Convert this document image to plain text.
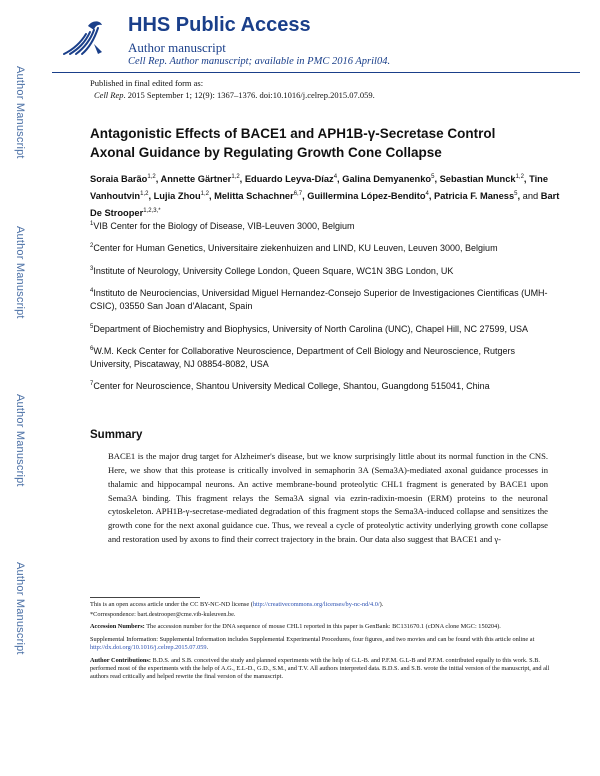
Author Manuscript
Author Manuscript
Author Manuscript
Author Manuscript
HHS Public Access
Author manuscript
Cell Rep. Author manuscript; available in PMC 2016 April04.
Published in final edited form as:
Cell Rep. 2015 September 1; 12(9): 1367–1376. doi:10.1016/j.celrep.2015.07.059.
Antagonistic Effects of BACE1 and APH1B-γ-Secretase Control Axonal Guidance by Regulating Growth Cone Collapse
Soraia Barão$^{1,2}$, Annette Gärtner$^{1,2}$, Eduardo Leyva-Díaz$^4$, Galina Demyanenko$^5$, Sebastian Munck$^{1,2}$, Tine Vanhoutvin$^{1,2}$, Lujia Zhou$^{1,2}$, Melitta Schachner$^{6,7}$, Guillermina López-Bendito$^4$, Patricia F. Maness$^5$, and Bart De Strooper$^{1,2,3,*}$

$^1$VIB Center for the Biology of Disease, VIB-Leuven 3000, Belgium

$^2$Center for Human Genetics, Universitaire ziekenhuizen and LIND, KU Leuven, Leuven 3000, Belgium

$^3$Institute of Neurology, University College London, Queen Square, WC1N 3BG London, UK

$^4$Instituto de Neurociencias, Universidad Miguel Hernandez-Consejo Superior de Investigaciones Cientificas (UMH-CSIC), 03550 San Joan d'Alacant, Spain

$^5$Department of Biochemistry and Biophysics, University of North Carolina (UNC), Chapel Hill, NC 27599, USA

$^6$W.M. Keck Center for Collaborative Neuroscience, Department of Cell Biology and Neuroscience, Rutgers University, Piscataway, NJ 08854-8082, USA

$^7$Center for Neuroscience, Shantou University Medical College, Shantou, Guangdong 515041, China

Summary
BACE1 is the major drug target for Alzheimer's disease, but we know surprisingly little about its normal function in the CNS. Here, we show that this protease is critically involved in semaphorin 3A (Sema3A)-mediated axonal guidance processes in thalamic and hippocampal neurons. An active membrane-bound proteolytic CHL1 fragment is generated by BACE1 upon Sema3A binding. This fragment relays the Sema3A signal via ezrin-radixin-moesin (ERM) proteins to the neuronal cytoskeleton. APH1B-γ-secretase-mediated degradation of this fragment stops the Sema3A-induced collapse and sensitizes the growth cone for the next axonal guidance cue. Thus, we reveal a cycle of proteolytic activity underlying growth cone collapse and restoration used by axons to find their correct trajectory in the brain. Our data also suggest that BACE1 and γ-

This is an open access article under the CC BY-NC-ND license (http://creativecommons.org/licenses/by-nc-nd/4.0/).

*Correspondence: bart.destrooper@cme.vib-kuleuven.be.

Accession Numbers: The accession number for the DNA sequence of mouse CHL1 reported in this paper is GenBank: BC131670.1 (cDNA clone MGC: 150204).

Supplemental Information: Supplemental Information includes Supplemental Experimental Procedures, four figures, and two movies and can be found with this article online at http://dx.doi.org/10.1016/j.celrep.2015.07.059.

Author Contributions: B.D.S. and S.B. conceived the study and planned experiments with the help of G.L-B. and P.F.M. G.L-B and P.F.M. contributed equally to this work. S.B. performed most of the experiments with the help of A.G., E.L-D., G.D., S.M., and T.V. All authors interpreted data. B.D.S. and S.B. wrote the initial version of the manuscript, and all authors read critically and helped rewrite the final version of the manuscript.
